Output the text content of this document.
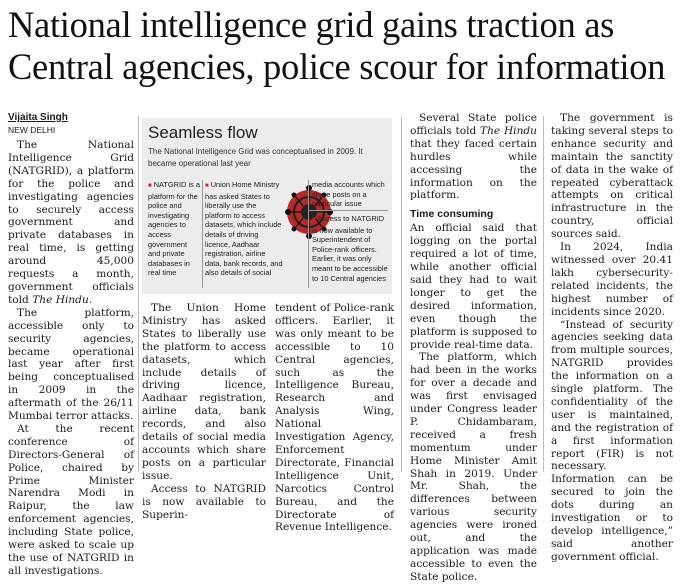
National intelligence grid gains traction as Central agencies, police scour for information
Vijaita Singh
NEW DELHI

The National Intelligence Grid (NATGRID), a platform for the police and investigating agencies to securely access government and private databases in real time, is getting around 45,000 requests a month, government officials told The Hindu.

The platform, accessible only to security agencies, became operational last year after first being conceptualised in 2009 in the aftermath of the 26/11 Mumbai terror attacks.

At the recent conference of Directors-General of Police, chaired by Prime Minister Narendra Modi in Raipur, the law enforcement agencies, including State police, were asked to scale up the use of NATGRID in all investigations.

Seamless flow
The National Intelligence Grid was conceptualised in 2009. It became operational last year
■ NATGRID is a platform for the police and investigating agencies to access government and private databases in real time
■ Union Home Ministry has asked States to liberally use the platform to access datasets, which include details of driving licence, Aadhaar registration, airline data, bank records, and also details of social
media accounts which share posts on a particular issue
■ Access to NATGRID is now available to Superintendent of Police-rank officers. Earlier, it was only meant to be accessible to 10 Central agencies

The Union Home Ministry has asked States to liberally use the platform to access datasets, which include details of driving licence, Aadhaar registration, airline data, bank records, and also details of social media accounts which share posts on a particular issue.

Access to NATGRID is now available to Superin-

tendent of Police-rank officers. Earlier, it was only meant to be accessible to 10 Central agencies, such as the Intelligence Bureau, Research and Analysis Wing, National Investigation Agency, Enforcement Directorate, Financial Intelligence Unit, Narcotics Control Bureau, and the Directorate of Revenue Intelligence.

Several State police officials told The Hindu that they faced certain hurdles while accessing the information on the platform.

Time consuming

An official said that logging on the portal required a lot of time, while another official said they had to wait longer to get the desired information, even though the platform is supposed to provide real-time data.

The platform, which had been in the works for over a decade and was first envisaged under Congress leader P. Chidambaram, received a fresh momentum under Home Minister Amit Shah in 2019. Under Mr. Shah, the differences between various security agencies were ironed out, and the application was made accessible to even the State police.

The government is taking several steps to enhance security and maintain the sanctity of data in the wake of repeated cyberattack attempts on critical infrastructure in the country, official sources said.

In 2024, India witnessed over 20.41 lakh cybersecurity-related incidents, the highest number of incidents since 2020.

“Instead of security agencies seeking data from multiple sources, NATGRID provides the information on a single platform. The confidentiality of the user is maintained, and the registration of a first information report (FIR) is not necessary. Information can be secured to join the dots during an investigation or to develop intelligence,” said another government official.
